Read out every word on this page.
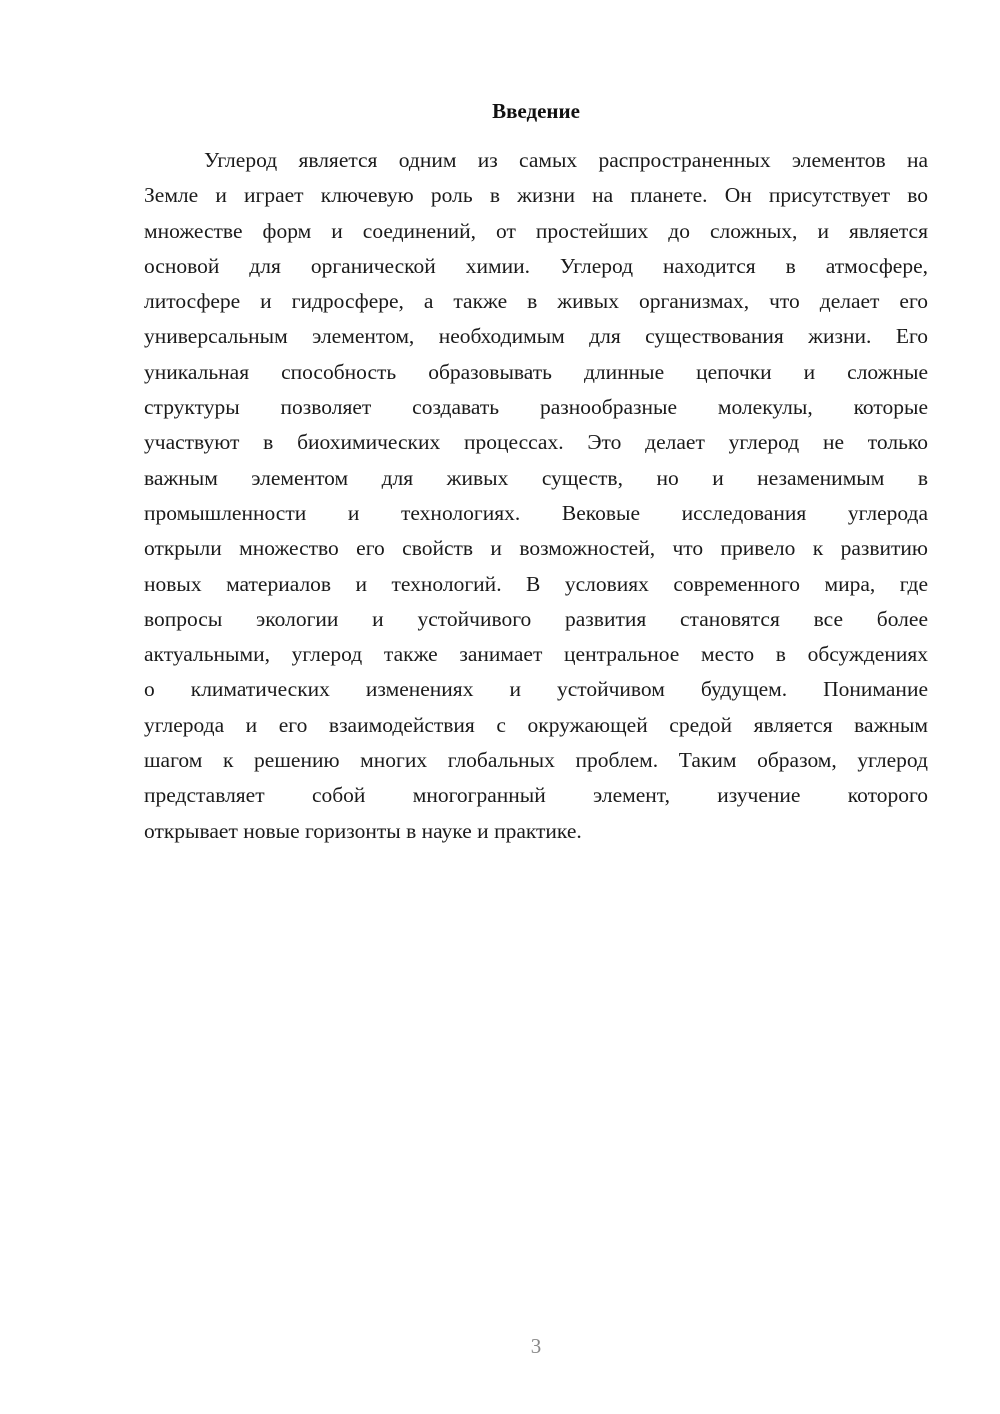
Введение
Углерод является одним из самых распространенных элементов на
Земле и играет ключевую роль в жизни на планете. Он присутствует во
множестве форм и соединений, от простейших до сложных, и является
основой для органической химии. Углерод находится в атмосфере,
литосфере и гидросфере, а также в живых организмах, что делает его
универсальным элементом, необходимым для существования жизни. Его
уникальная способность образовывать длинные цепочки и сложные
структуры позволяет создавать разнообразные молекулы, которые
участвуют в биохимических процессах. Это делает углерод не только
важным элементом для живых существ, но и незаменимым в
промышленности и технологиях. Вековые исследования углерода
открыли множество его свойств и возможностей, что привело к развитию
новых материалов и технологий. В условиях современного мира, где
вопросы экологии и устойчивого развития становятся все более
актуальными, углерод также занимает центральное место в обсуждениях
о климатических изменениях и устойчивом будущем. Понимание
углерода и его взаимодействия с окружающей средой является важным
шагом к решению многих глобальных проблем. Таким образом, углерод
представляет собой многогранный элемент, изучение которого
открывает новые горизонты в науке и практике.
3
